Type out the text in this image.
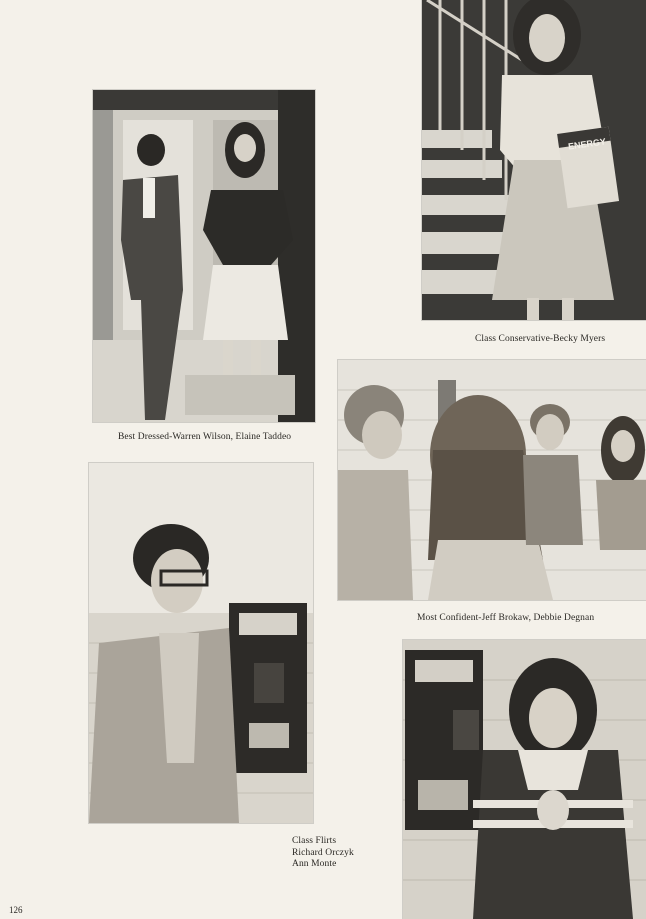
Best Dressed-Warren Wilson, Elaine Taddeo
ENERGY
Class Conservative-Becky Myers
Most Confident-Jeff Brokaw, Debbie Degnan
Class Flirts
Richard Orczyk
Ann Monte
126
